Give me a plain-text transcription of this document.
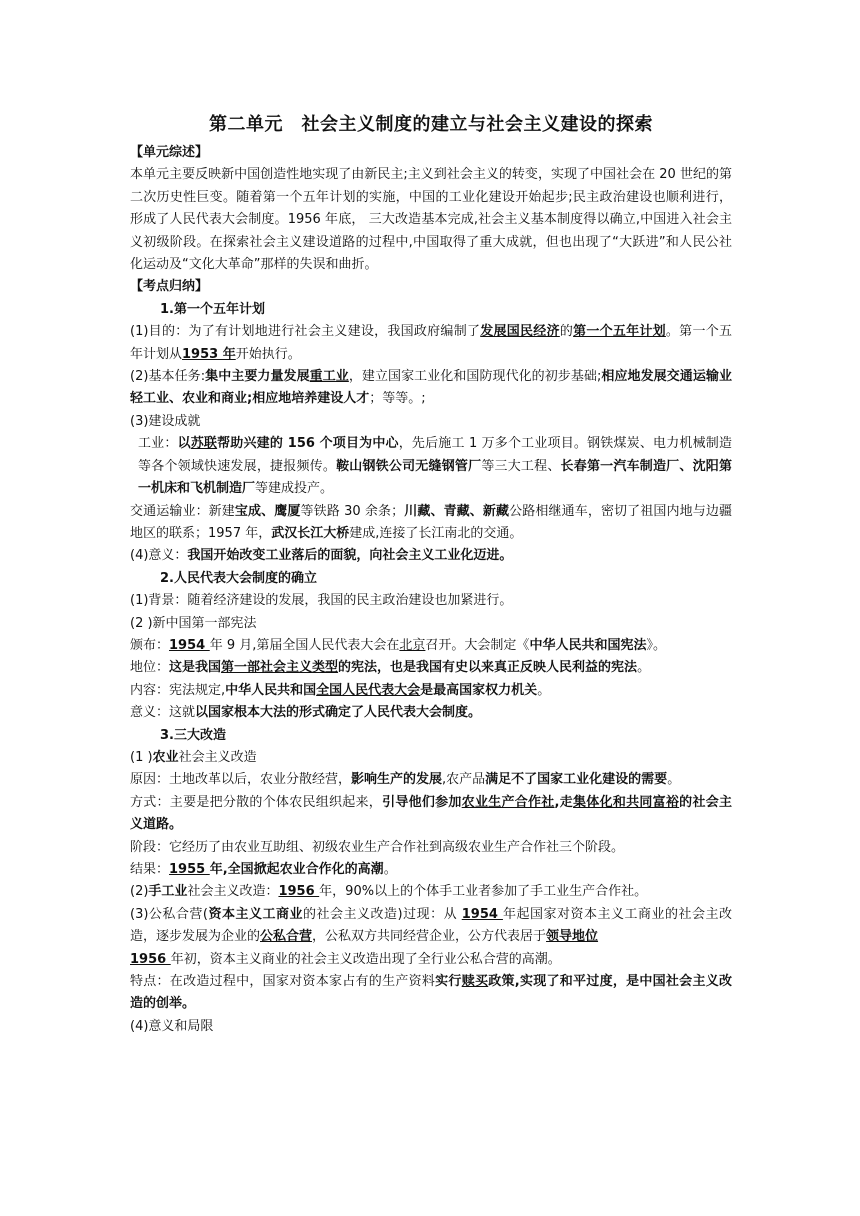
第二单元　社会主义制度的建立与社会主义建设的探索

【单元综述】

本单元主要反映新中国创造性地实现了由新民主;主义到社会主义的转变，实现了中国社会在 20 世纪的第二次历史性巨变。随着第一个五年计划的实施，中国的工业化建设开始起步;民主政治建设也顺利进行，形成了人民代表大会制度。1956 年底， 三大改造基本完成,社会主义基本制度得以确立,中国进入社会主义初级阶段。在探索社会主义建设道路的过程中,中国取得了重大成就，但也出现了“大跃进”和人民公社化运动及“文化大革命”那样的失误和曲折。

【考点归纳】

1.第一个五年计划

(1)目的：为了有计划地进行社会主义建设，我国政府编制了发展国民经济的第一个五年计划。第一个五年计划从1953 年开始执行。

(2)基本任务:集中主要力量发展重工业，建立国家工业化和国防现代化的初步基础;相应地发展交通运输业轻工业、农业和商业;相应地培养建设人才；等等。;

(3)建设成就

工业：以苏联帮助兴建的 156 个项目为中心，先后施工 1 万多个工业项目。钢铁煤炭、电力机械制造等各个领域快速发展，捷报频传。鞍山钢铁公司无缝钢管厂等三大工程、长春第一汽车制造厂、沈阳第一机床和飞机制造厂等建成投产。

交通运输业：新建宝成、鹰厦等铁路 30 余条；川藏、青藏、新藏公路相继通车，密切了祖国内地与边疆地区的联系；1957 年，武汉长江大桥建成,连接了长江南北的交通。

(4)意义：我国开始改变工业落后的面貌，向社会主义工业化迈进。

2.人民代表大会制度的确立

(1)背景：随着经济建设的发展，我国的民主政治建设也加紧进行。

(2 )新中国第一部宪法

颁布：1954 年 9 月,第届全国人民代表大会在北京召开。大会制定《中华人民共和国宪法》。

地位：这是我国第一部社会主义类型的宪法，也是我国有史以来真正反映人民利益的宪法。

内容：宪法规定,中华人民共和国全国人民代表大会是最高国家权力机关。

意义：这就以国家根本大法的形式确定了人民代表大会制度。

3.三大改造

(1 )农业社会主义改造

原因：土地改革以后，农业分散经营，影响生产的发展,农产品满足不了国家工业化建设的需要。

方式：主要是把分散的个体农民组织起来，引导他们参加农业生产合作社,走集体化和共同富裕的社会主义道路。

阶段：它经历了由农业互助组、初级农业生产合作社到高级农业生产合作社三个阶段。

结果：1955 年,全国掀起农业合作化的高潮。

(2)手工业社会主义改造：1956 年，90%以上的个体手工业者参加了手工业生产合作社。

(3)公私合营(资本主义工商业的社会主义改造)过现：从 1954 年起国家对资本主义工商业的社会主改造，逐步发展为企业的公私合营，公私双方共同经营企业，公方代表居于领导地位
1956 年初，资本主义商业的社会主义改造出现了全行业公私合营的高潮。

特点：在改造过程中，国家对资本家占有的生产资料实行赎买政策,实现了和平过度，是中国社会主义改造的创举。

(4)意义和局限
